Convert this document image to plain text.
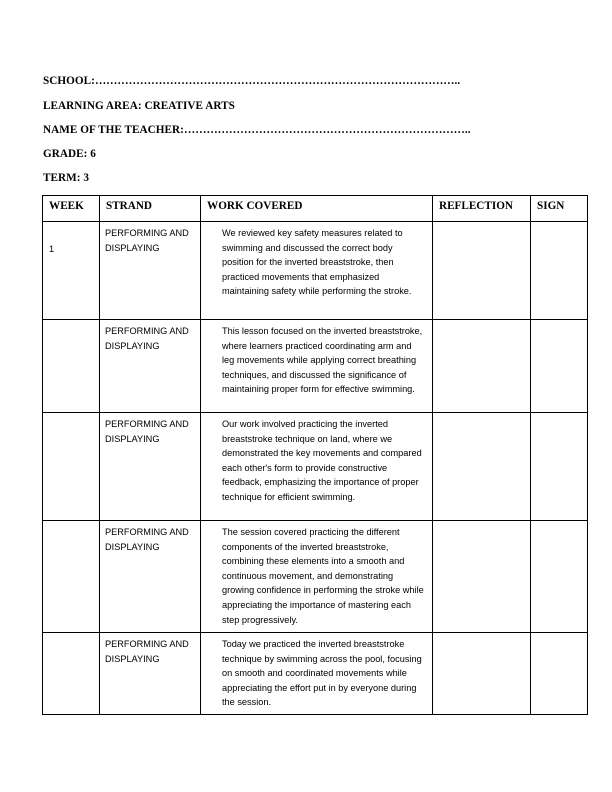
SCHOOL:……………………………………………………………………………………..
LEARNING AREA: CREATIVE ARTS
NAME OF THE TEACHER:…………………………………………………………………..
GRADE: 6
TERM: 3
WEEK	STRAND	WORK COVERED	REFLECTION	SIGN

1	PERFORMING AND DISPLAYING	We reviewed key safety measures related to swimming and discussed the correct body position for the inverted breaststroke, then practiced movements that emphasized maintaining safety while performing the stroke.		

	PERFORMING AND DISPLAYING	This lesson focused on the inverted breaststroke, where learners practiced coordinating arm and leg movements while applying correct breathing techniques, and discussed the significance of maintaining proper form for effective swimming.		

	PERFORMING AND DISPLAYING	Our work involved practicing the inverted breaststroke technique on land, where we demonstrated the key movements and compared each other's form to provide constructive feedback, emphasizing the importance of proper technique for efficient swimming.		

	PERFORMING AND DISPLAYING	The session covered practicing the different components of the inverted breaststroke, combining these elements into a smooth and continuous movement, and demonstrating growing confidence in performing the stroke while appreciating the importance of mastering each step progressively.		

	PERFORMING AND DISPLAYING	Today we practiced the inverted breaststroke technique by swimming across the pool, focusing on smooth and coordinated movements while appreciating the effort put in by everyone during the session.		
